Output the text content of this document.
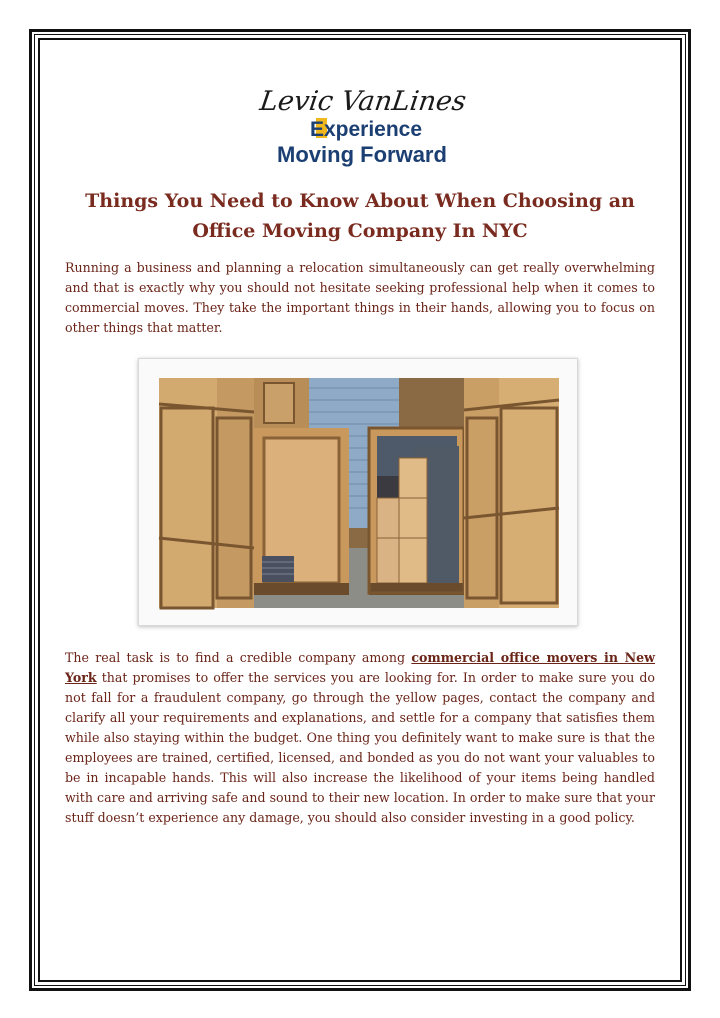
Levic VanLines
Experience
Moving Forward
Things You Need to Know About When Choosing an Office Moving Company In NYC

Running a business and planning a relocation simultaneously can get really overwhelming and that is exactly why you should not hesitate seeking professional help when it comes to commercial moves. They take the important things in their hands, allowing you to focus on other things that matter.

The real task is to find a credible company among commercial office movers in New York that promises to offer the services you are looking for. In order to make sure you do not fall for a fraudulent company, go through the yellow pages, contact the company and clarify all your requirements and explanations, and settle for a company that satisfies them while also staying within the budget. One thing you definitely want to make sure is that the employees are trained, certified, licensed, and bonded as you do not want your valuables to be in incapable hands. This will also increase the likelihood of your items being handled with care and arriving safe and sound to their new location. In order to make sure that your stuff doesn’t experience any damage, you should also consider investing in a good policy.
